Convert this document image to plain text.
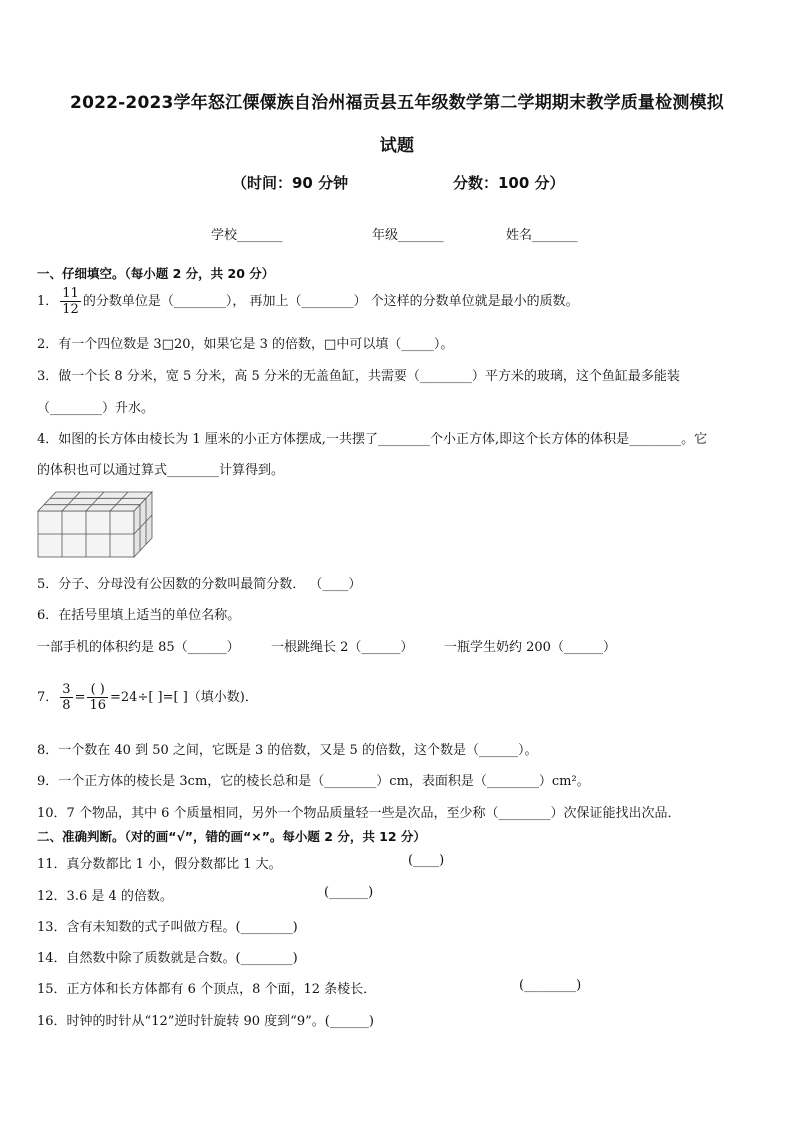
2022-2023学年怒江傈僳族自治州福贡县五年级数学第二学期期末教学质量检测模拟
试题
（时间：90 分钟	分数：100 分）
学校_______	年级_______	姓名_______
一、仔细填空。（每小题 2 分，共 20 分）
1． $\frac{11}{12}$ 的分数单位是（________）， 再加上（________） 个这样的分数单位就是最小的质数。
2．有一个四位数是 3□20，如果它是 3 的倍数，□中可以填（_____）。
3．做一个长 8 分米，宽 5 分米，高 5 分米的无盖鱼缸，共需要（________）平方米的玻璃，这个鱼缸最多能装
（________）升水。
4．如图的长方体由棱长为 1 厘米的小正方体摆成,一共摆了________个小正方体,即这个长方体的体积是________。它
的体积也可以通过算式________计算得到。
5．分子、分母没有公因数的分数叫最简分数． （____）
6．在括号里填上适当的单位名称。
一部手机的体积约是 85（______） 一根跳绳长 2（______） 一瓶学生奶约 200（______）
7． $\frac{3}{8} = \frac{( )}{16} =24\div$[ ]=[ ]（填小数)．
8．一个数在 40 到 50 之间，它既是 3 的倍数，又是 5 的倍数，这个数是（______）。
9．一个正方体的棱长是 3cm，它的棱长总和是（________）cm，表面积是（________）cm²。
10．7 个物品，其中 6 个质量相同，另外一个物品质量轻一些是次品，至少称（________）次保证能找出次品．
二、准确判断。（对的画“√”，错的画“×”。每小题 2 分，共 12 分）
11．真分数都比 1 小，假分数都比 1 大。	(____)
12．3.6 是 4 的倍数。	(______)
13．含有未知数的式子叫做方程。(________)
14．自然数中除了质数就是合数。(________)
15．正方体和长方体都有 6 个顶点，8 个面，12 条棱长．	(________)
16．时钟的时针从“12”逆时针旋转 90 度到“9”。(______)
